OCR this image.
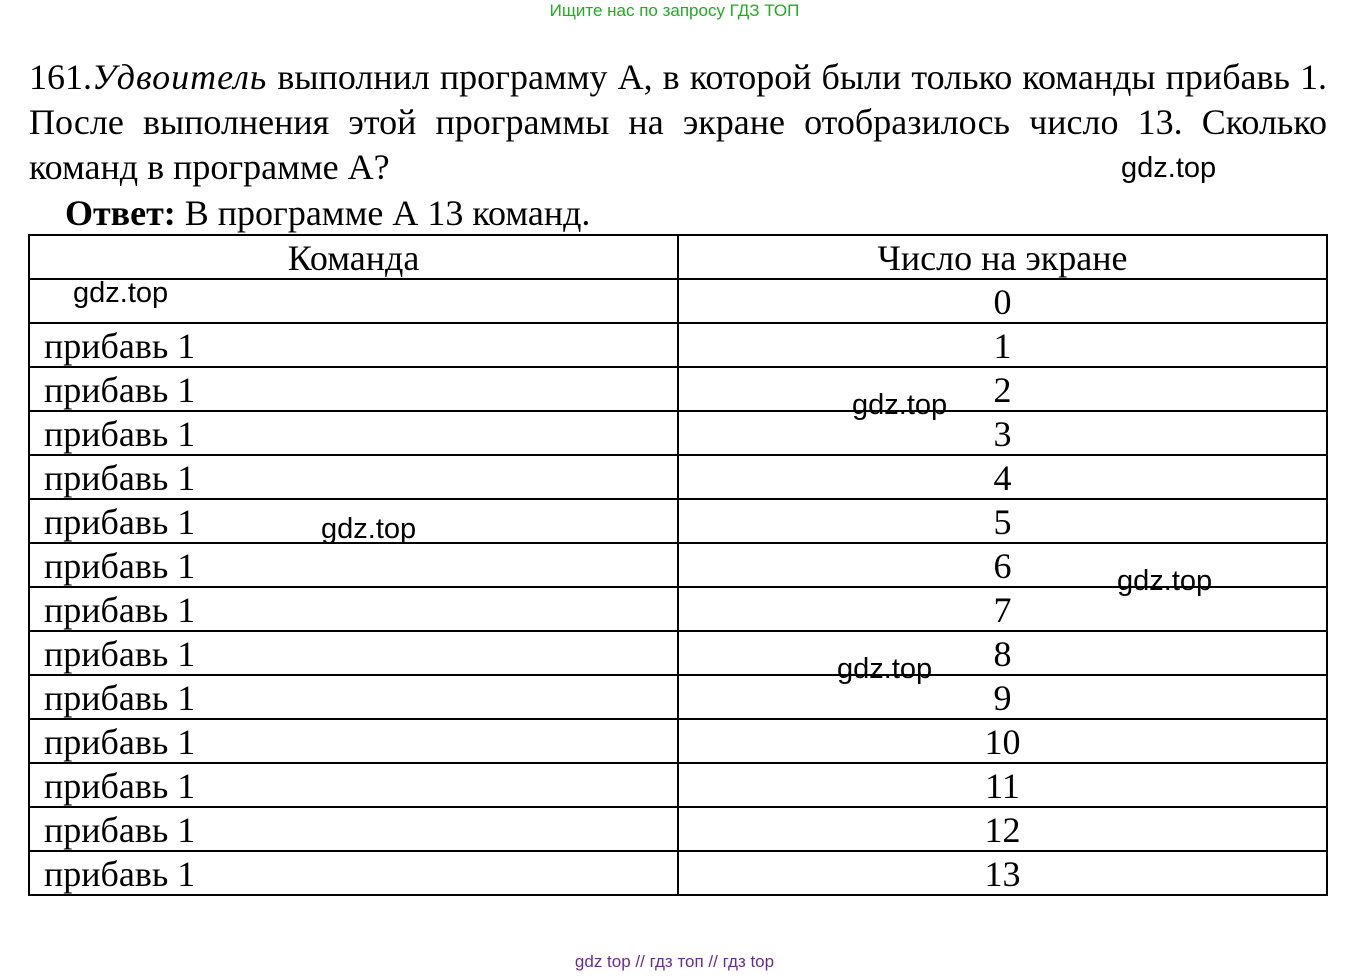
Ищите нас по запросу ГДЗ ТОП
161.Удвоитель выполнил программу А, в которой были только команды прибавь 1. После выполнения этой программы на экране отобразилось число 13. Сколько команд в программе А?
Ответ: В программе А 13 команд.
Команда	Число на экране
	0
прибавь 1	1
прибавь 1	2
прибавь 1	3
прибавь 1	4
прибавь 1	5
прибавь 1	6
прибавь 1	7
прибавь 1	8
прибавь 1	9
прибавь 1	10
прибавь 1	11
прибавь 1	12
прибавь 1	13
gdz.top
gdz.top
gdz.top
gdz.top
gdz.top
gdz.top
gdz top // гдз топ // гдз top
